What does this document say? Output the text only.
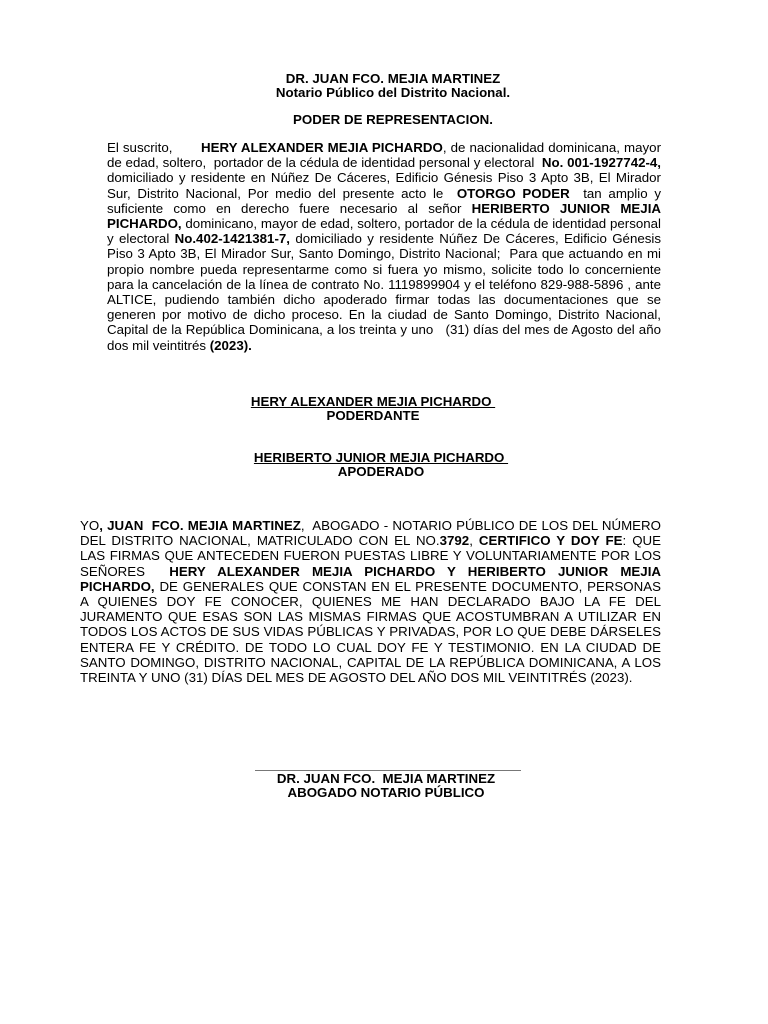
DR. JUAN FCO. MEJIA MARTINEZ
Notario Público del Distrito Nacional.
PODER DE REPRESENTACION.
El suscrito,       HERY ALEXANDER MEJIA PICHARDO, de nacionalidad dominicana, mayor de edad, soltero,  portador de la cédula de identidad personal y electoral  No. 001-1927742-4, domiciliado y residente en Núñez De Cáceres, Edificio Génesis Piso 3 Apto 3B, El Mirador Sur, Distrito Nacional, Por medio del presente acto le  OTORGO PODER  tan amplio y suficiente como en derecho fuere necesario al señor HERIBERTO JUNIOR MEJIA PICHARDO, dominicano, mayor de edad, soltero, portador de la cédula de identidad personal y electoral No.402-1421381-7, domiciliado y residente Núñez De Cáceres, Edificio Génesis Piso 3 Apto 3B, El Mirador Sur, Santo Domingo, Distrito Nacional;  Para que actuando en mi propio nombre pueda representarme como si fuera yo mismo, solicite todo lo concerniente para la cancelación de la línea de contrato No. 1119899904 y el teléfono 829-988-5896 , ante ALTICE, pudiendo también dicho apoderado firmar todas las documentaciones que se generen por motivo de dicho proceso. En la ciudad de Santo Domingo, Distrito Nacional, Capital de la República Dominicana, a los treinta y uno   (31) días del mes de Agosto del año dos mil veintitrés (2023).
HERY ALEXANDER MEJIA PICHARDO
PODERDANTE
HERIBERTO JUNIOR MEJIA PICHARDO
APODERADO
YO, JUAN  FCO. MEJIA MARTINEZ,  ABOGADO - NOTARIO PÚBLICO DE LOS DEL NÚMERO DEL DISTRITO NACIONAL, MATRICULADO CON EL NO.3792, CERTIFICO Y DOY FE: QUE LAS FIRMAS QUE ANTECEDEN FUERON PUESTAS LIBRE Y VOLUNTARIAMENTE POR LOS SEÑORES  HERY ALEXANDER MEJIA PICHARDO Y HERIBERTO JUNIOR MEJIA PICHARDO, DE GENERALES QUE CONSTAN EN EL PRESENTE DOCUMENTO, PERSONAS A QUIENES DOY FE CONOCER, QUIENES ME HAN DECLARADO BAJO LA FE DEL JURAMENTO QUE ESAS SON LAS MISMAS FIRMAS QUE ACOSTUMBRAN A UTILIZAR EN TODOS LOS ACTOS DE SUS VIDAS PÚBLICAS Y PRIVADAS, POR LO QUE DEBE DÁRSELES ENTERA FE Y CRÉDITO. DE TODO LO CUAL DOY FE Y TESTIMONIO. EN LA CIUDAD DE SANTO DOMINGO, DISTRITO NACIONAL, CAPITAL DE LA REPÚBLICA DOMINICANA, A LOS  TREINTA Y UNO (31) DÍAS DEL MES DE AGOSTO DEL AÑO DOS MIL VEINTITRÉS (2023).
DR. JUAN FCO.  MEJIA MARTINEZ
ABOGADO NOTARIO PÚBLICO
